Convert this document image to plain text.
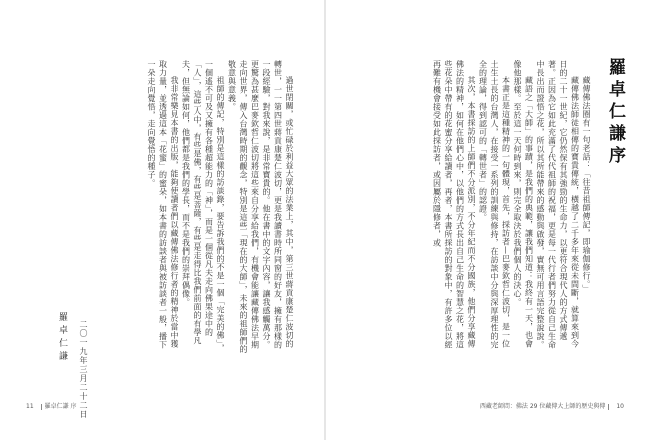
過世閉關，或忙碌於利益大眾的法業上，其中，第三世蔣貢康楚仁波切的轉世，一一第四世蔣貢康楚仁波切，更是我讀書時所同窗的好友，擁有那樣的一段經驗，對我來說，是非常寶貴的。他在書中的文字內容，讓我感觸萬分。更驚為甚麼巴麥欽哲仁波切將這些來自分享給我們，有機會能讓藏傳佛法早期走向世界，傳入台灣時期的觀念，特別是這些「現在的大師」，未來的祖師們的敬意與意義。

祖師的傳記，特別是這樣的訪談錄，要告訴我們的不是一個「完美的佛」，一個遙不可及又擁有各種超能力的「神」，而是一個從凡夫走向佛果途中的「人」，這些人中，有些是佛，有些是菩薩，有些是走得比我們前面的有學凡夫，但無論如何，他們都是我們的學長，而不是我們的崇拜偶像。

我非常樂見本書的出版，能夠使讀者們以藏傳佛法修行者的精神於當中獲取力量，並透過這本「花蜜」的蜜朵，如本書的訪談者與被訪談者一般，播下一朵走向覺悟，走向覺悟的種子。

羅卓仁謙 二〇一九年三月二十二日
11 羅卓仁謙 序
羅卓仁謙序

藏傳佛法圈有一句老話：「往昔祖師傳記，即瑜伽修行。」

藏傳佛法師徒相傳的寶貴傳統，橫越了二千多年來從未間斷，就算來到今日的二十一世紀，它仍然保有其強勁的生命力，以更符合現代人的方式傳遞著。正因為它如此充滿了代代祖師的祝福，更是每一代行者們努力從自己生命中長出而證悟之花，所以其所能帶來的感動與啟發，實無可用言語完整說說。

藏語之「大師」的事蹟，是我們的典範，讓我們知道：我終有一天，也會像他那樣。至於這一天何時到來，則完全取決於我們個人的決心。

本書正是這種精神的一句體現，首先，採訪者—巴麥欽哲仁波切，是一位土生土長的台灣人，在接受一系列的訓練與修持，在訪談中分與深厚理性的完全的理論，得到認可的「轉世者」的認證。

其次，本書採訪的上師們不分派別，不分年紀而不分國族，他們分享藏傳佛法的精神，如何在他們心中，以他們的方式長出自己生命的智慧之花，將這些花朵中帶有的花蜜分享給讀者，再者，本書所採訪的對象中，有許多位以經再難有機會接受如此採訪者，或因屬於隱修者，或

西藏老師問：佛法 29 位藏傳大上師的歷史與傳 10
